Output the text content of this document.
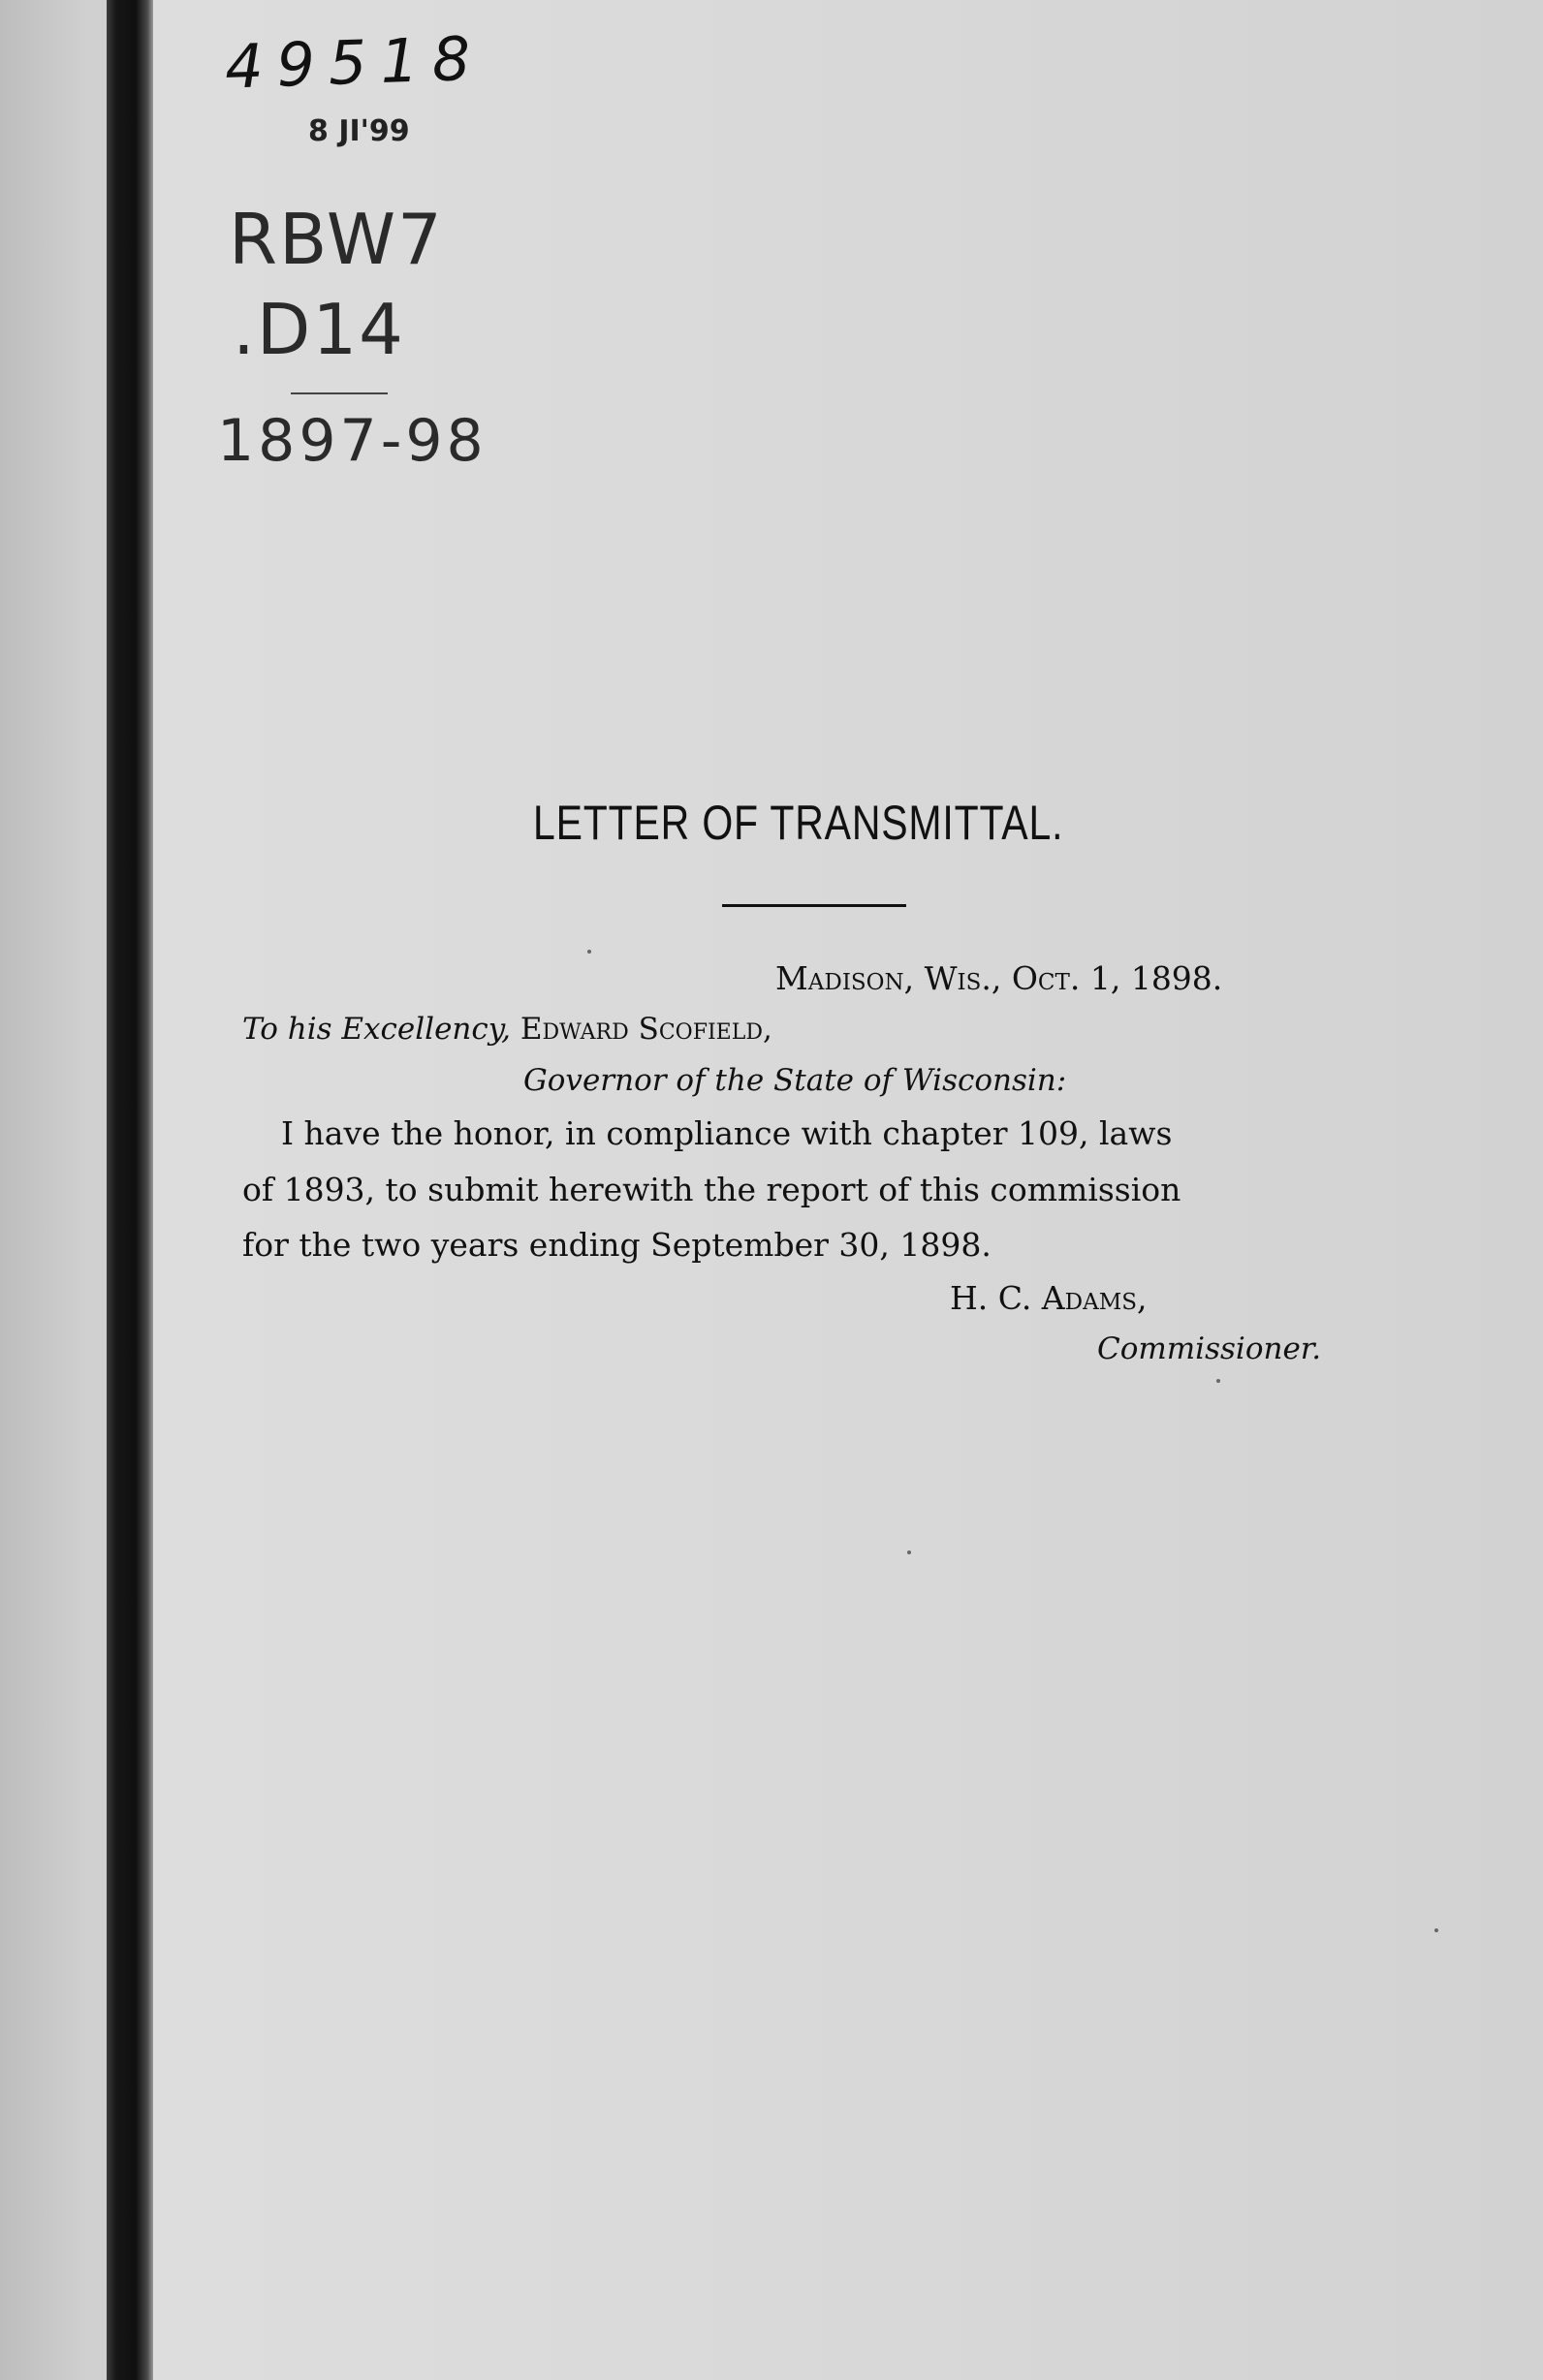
49518
8 JI'99
RBW7
.D14
1897-98
LETTER OF TRANSMITTAL.
Madison, Wis., Oct. 1, 1898.
To his Excellency, Edward Scofield,
Governor of the State of Wisconsin:
I have the honor, in compliance with chapter 109, laws
of 1893, to submit herewith the report of this commission
for the two years ending September 30, 1898.
H. C. Adams,
Commissioner.
